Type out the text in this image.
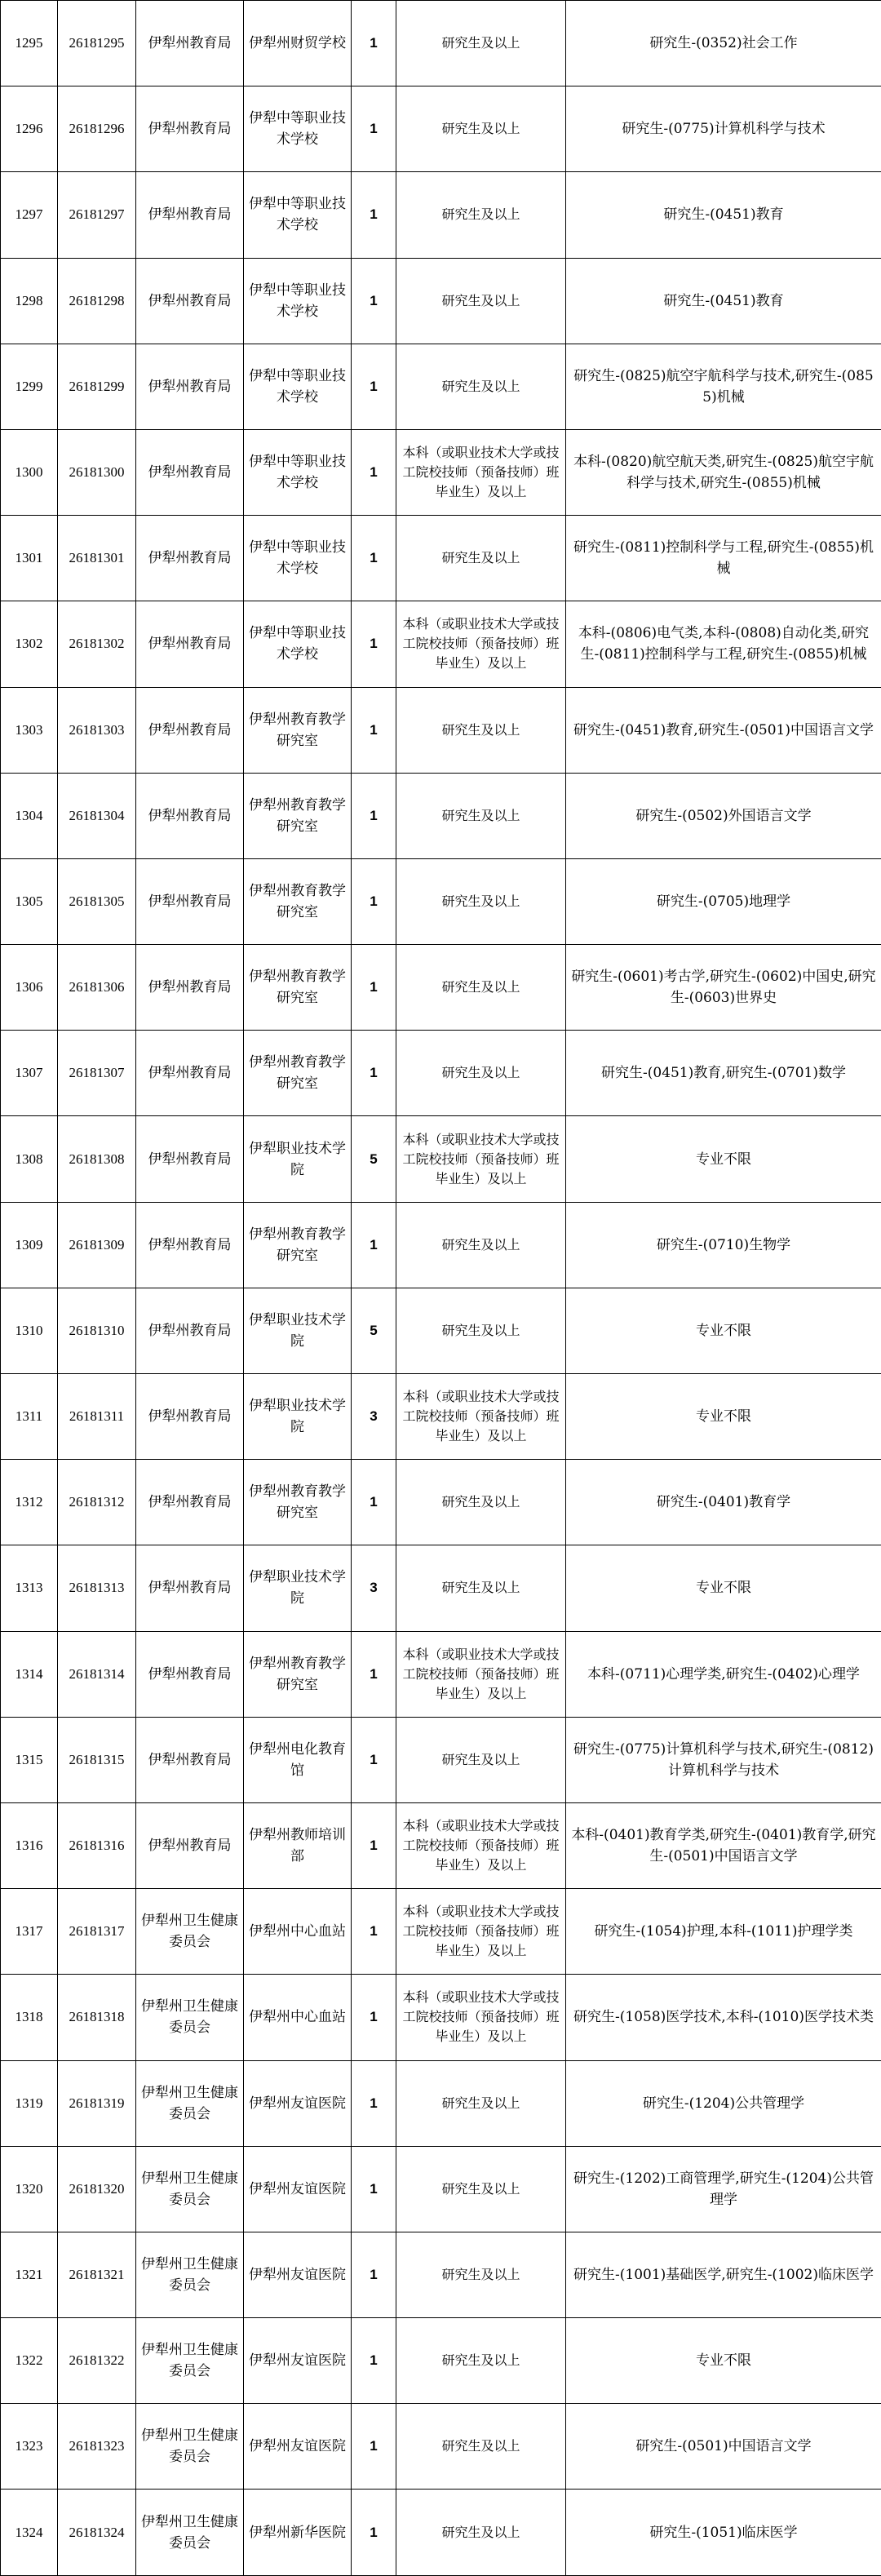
1295	26181295	伊犁州教育局	伊犁州财贸学校	1	研究生及以上	研究生-(0352)社会工作
1296	26181296	伊犁州教育局	伊犁中等职业技术学校	1	研究生及以上	研究生-(0775)计算机科学与技术
1297	26181297	伊犁州教育局	伊犁中等职业技术学校	1	研究生及以上	研究生-(0451)教育
1298	26181298	伊犁州教育局	伊犁中等职业技术学校	1	研究生及以上	研究生-(0451)教育
1299	26181299	伊犁州教育局	伊犁中等职业技术学校	1	研究生及以上	研究生-(0825)航空宇航科学与技术,研究生-(0855)机械
1300	26181300	伊犁州教育局	伊犁中等职业技术学校	1	本科（或职业技术大学或技工院校技师（预备技师）班毕业生）及以上	本科-(0820)航空航天类,研究生-(0825)航空宇航科学与技术,研究生-(0855)机械
1301	26181301	伊犁州教育局	伊犁中等职业技术学校	1	研究生及以上	研究生-(0811)控制科学与工程,研究生-(0855)机械
1302	26181302	伊犁州教育局	伊犁中等职业技术学校	1	本科（或职业技术大学或技工院校技师（预备技师）班毕业生）及以上	本科-(0806)电气类,本科-(0808)自动化类,研究生-(0811)控制科学与工程,研究生-(0855)机械
1303	26181303	伊犁州教育局	伊犁州教育教学研究室	1	研究生及以上	研究生-(0451)教育,研究生-(0501)中国语言文学
1304	26181304	伊犁州教育局	伊犁州教育教学研究室	1	研究生及以上	研究生-(0502)外国语言文学
1305	26181305	伊犁州教育局	伊犁州教育教学研究室	1	研究生及以上	研究生-(0705)地理学
1306	26181306	伊犁州教育局	伊犁州教育教学研究室	1	研究生及以上	研究生-(0601)考古学,研究生-(0602)中国史,研究生-(0603)世界史
1307	26181307	伊犁州教育局	伊犁州教育教学研究室	1	研究生及以上	研究生-(0451)教育,研究生-(0701)数学
1308	26181308	伊犁州教育局	伊犁职业技术学院	5	本科（或职业技术大学或技工院校技师（预备技师）班毕业生）及以上	专业不限
1309	26181309	伊犁州教育局	伊犁州教育教学研究室	1	研究生及以上	研究生-(0710)生物学
1310	26181310	伊犁州教育局	伊犁职业技术学院	5	研究生及以上	专业不限
1311	26181311	伊犁州教育局	伊犁职业技术学院	3	本科（或职业技术大学或技工院校技师（预备技师）班毕业生）及以上	专业不限
1312	26181312	伊犁州教育局	伊犁州教育教学研究室	1	研究生及以上	研究生-(0401)教育学
1313	26181313	伊犁州教育局	伊犁职业技术学院	3	研究生及以上	专业不限
1314	26181314	伊犁州教育局	伊犁州教育教学研究室	1	本科（或职业技术大学或技工院校技师（预备技师）班毕业生）及以上	本科-(0711)心理学类,研究生-(0402)心理学
1315	26181315	伊犁州教育局	伊犁州电化教育馆	1	研究生及以上	研究生-(0775)计算机科学与技术,研究生-(0812)计算机科学与技术
1316	26181316	伊犁州教育局	伊犁州教师培训部	1	本科（或职业技术大学或技工院校技师（预备技师）班毕业生）及以上	本科-(0401)教育学类,研究生-(0401)教育学,研究生-(0501)中国语言文学
1317	26181317	伊犁州卫生健康委员会	伊犁州中心血站	1	本科（或职业技术大学或技工院校技师（预备技师）班毕业生）及以上	研究生-(1054)护理,本科-(1011)护理学类
1318	26181318	伊犁州卫生健康委员会	伊犁州中心血站	1	本科（或职业技术大学或技工院校技师（预备技师）班毕业生）及以上	研究生-(1058)医学技术,本科-(1010)医学技术类
1319	26181319	伊犁州卫生健康委员会	伊犁州友谊医院	1	研究生及以上	研究生-(1204)公共管理学
1320	26181320	伊犁州卫生健康委员会	伊犁州友谊医院	1	研究生及以上	研究生-(1202)工商管理学,研究生-(1204)公共管理学
1321	26181321	伊犁州卫生健康委员会	伊犁州友谊医院	1	研究生及以上	研究生-(1001)基础医学,研究生-(1002)临床医学
1322	26181322	伊犁州卫生健康委员会	伊犁州友谊医院	1	研究生及以上	专业不限
1323	26181323	伊犁州卫生健康委员会	伊犁州友谊医院	1	研究生及以上	研究生-(0501)中国语言文学
1324	26181324	伊犁州卫生健康委员会	伊犁州新华医院	1	研究生及以上	研究生-(1051)临床医学
